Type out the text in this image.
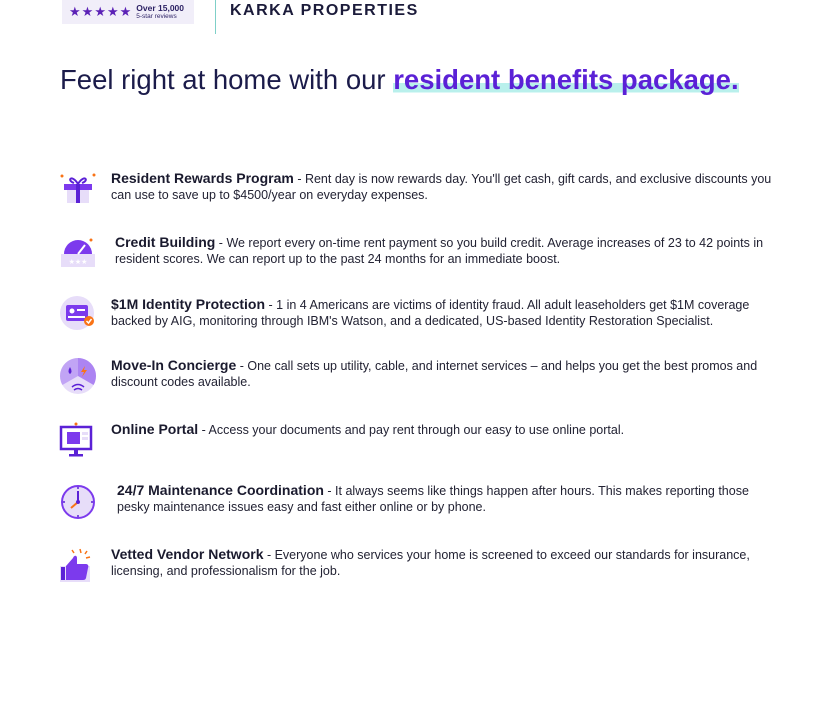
★ ★ ★ ★ ★ Over 15,000
5-star reviews	KARKA PROPERTIES
Feel right at home with our resident benefits package.
Resident Rewards Program - Rent day is now rewards day. You'll get cash, gift cards, and exclusive discounts you can use to save up to $4500/year on everyday expenses.
★★★
Credit Building - We report every on-time rent payment so you build credit. Average increases of 23 to 42 points in resident scores. We can report up to the past 24 months for an immediate boost.
$1M Identity Protection - 1 in 4 Americans are victims of identity fraud. All adult leaseholders get $1M coverage backed by AIG, monitoring through IBM's Watson, and a dedicated, US-based Identity Restoration Specialist.
Move-In Concierge - One call sets up utility, cable, and internet services – and helps you get the best promos and discount codes available.
Online Portal - Access your documents and pay rent through our easy to use online portal.
24/7 Maintenance Coordination - It always seems like things happen after hours. This makes reporting those pesky maintenance issues easy and fast either online or by phone.
Vetted Vendor Network - Everyone who services your home is screened to exceed our standards for insurance, licensing, and professionalism for the job.
